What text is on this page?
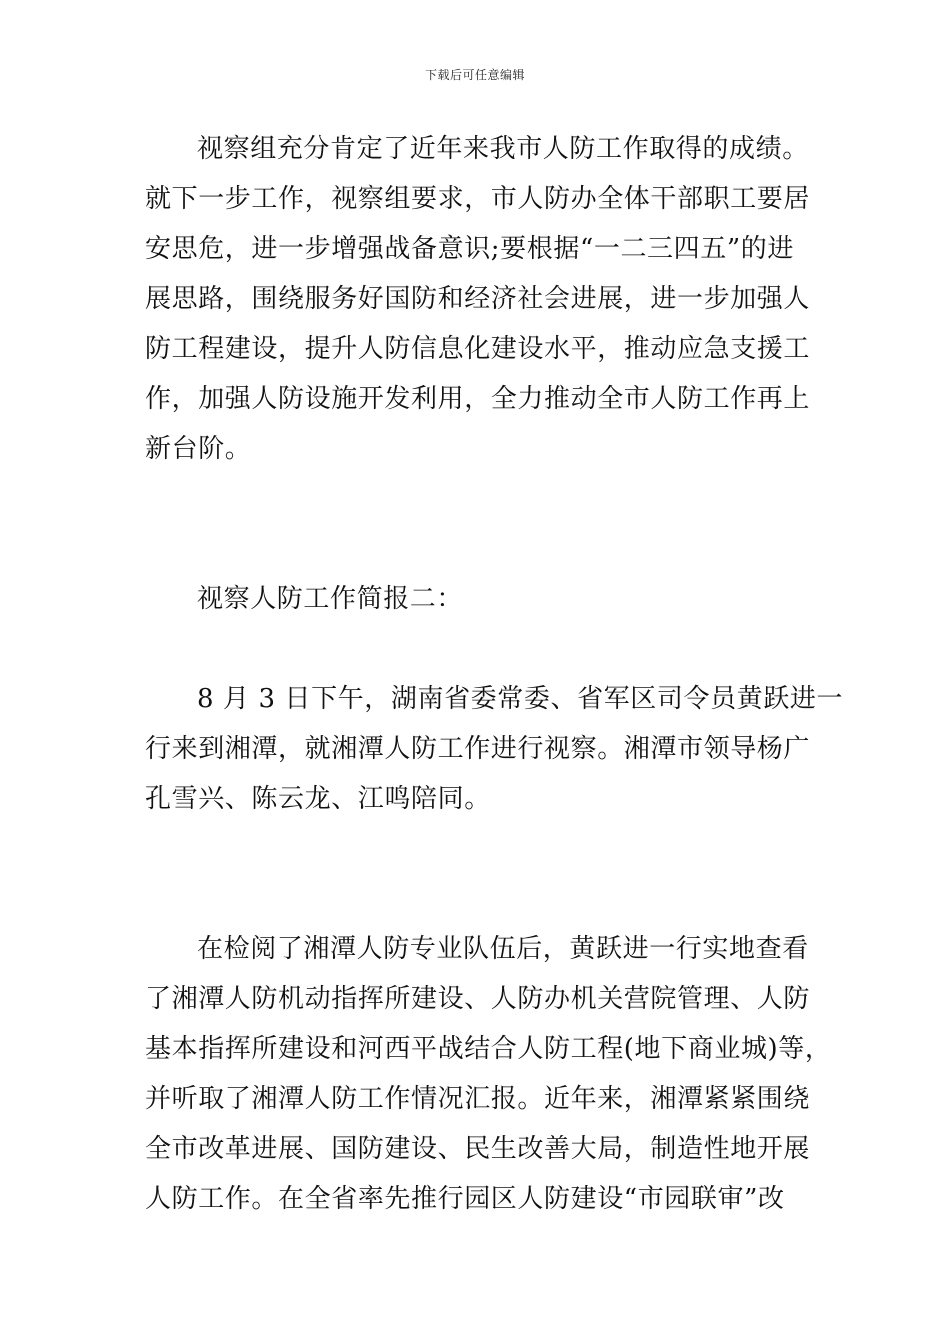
下载后可任意编辑
视察组充分肯定了近年来我市人防工作取得的成绩。
就下一步工作，视察组要求，市人防办全体干部职工要居
安思危，进一步增强战备意识;要根据“一二三四五”的进
展思路，围绕服务好国防和经济社会进展，进一步加强人
防工程建设，提升人防信息化建设水平，推动应急支援工
作，加强人防设施开发利用，全力推动全市人防工作再上
新台阶。
视察人防工作简报二：
8 月 3 日下午，湖南省委常委、省军区司令员黄跃进一
行来到湘潭，就湘潭人防工作进行视察。湘潭市领导杨广
孔雪兴、陈云龙、江鸣陪同。
在检阅了湘潭人防专业队伍后，黄跃进一行实地查看
了湘潭人防机动指挥所建设、人防办机关营院管理、人防
基本指挥所建设和河西平战结合人防工程(地下商业城)等，
并听取了湘潭人防工作情况汇报。近年来，湘潭紧紧围绕
全市改革进展、国防建设、民生改善大局，制造性地开展
人防工作。在全省率先推行园区人防建设“市园联审”改
